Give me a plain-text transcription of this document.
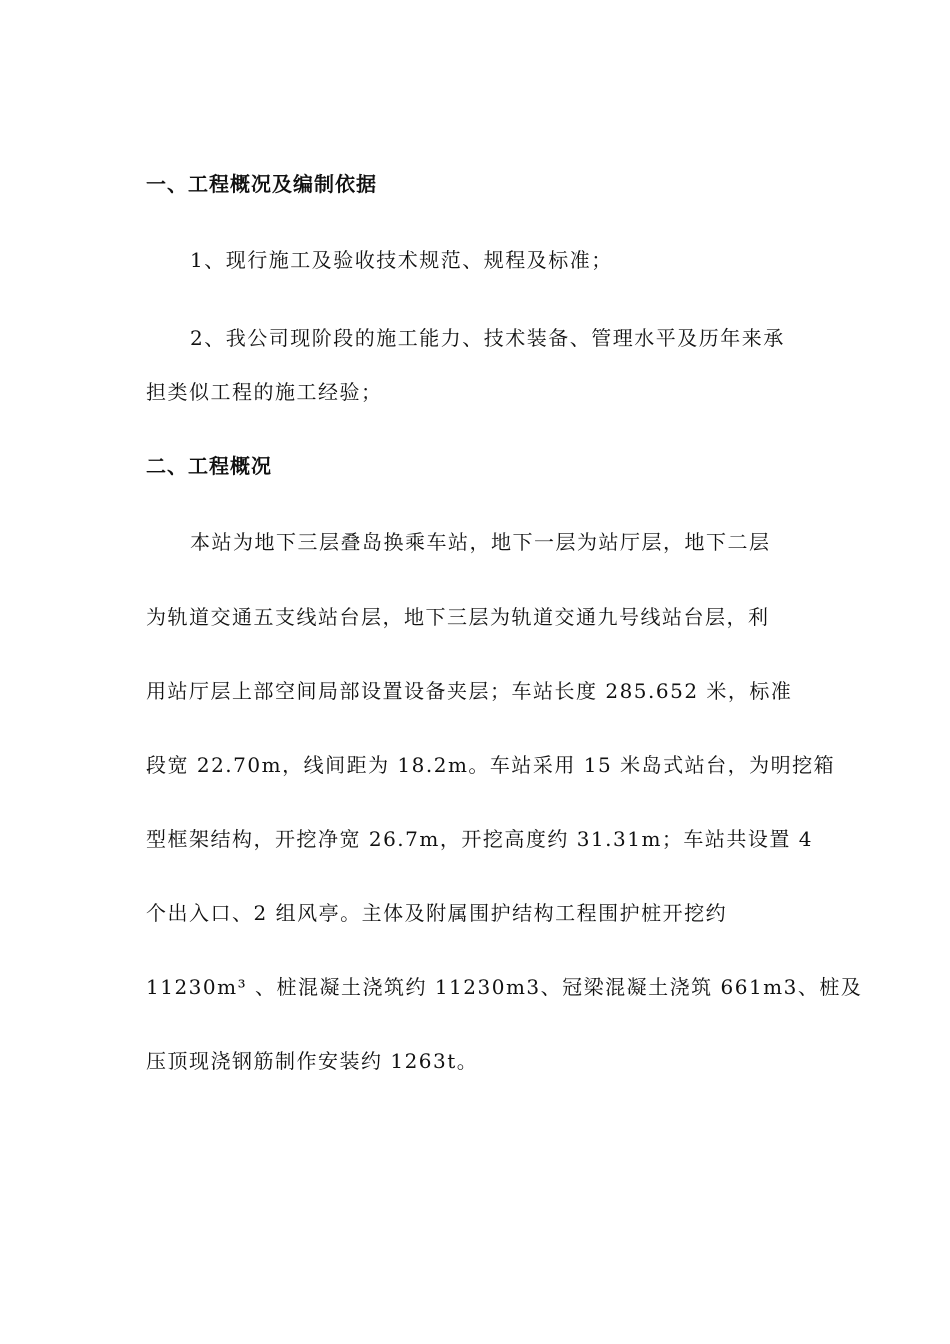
一、工程概况及编制依据
1、现行施工及验收技术规范、规程及标准；
2、我公司现阶段的施工能力、技术装备、管理水平及历年来承
担类似工程的施工经验；
二、工程概况
本站为地下三层叠岛换乘车站，地下一层为站厅层，地下二层
为轨道交通五支线站台层，地下三层为轨道交通九号线站台层，利
用站厅层上部空间局部设置设备夹层；车站长度 285.652 米，标准
段宽 22.70m，线间距为 18.2m。车站采用 15 米岛式站台，为明挖箱
型框架结构，开挖净宽 26.7m，开挖高度约 31.31m；车站共设置 4
个出入口、2 组风亭。主体及附属围护结构工程围护桩开挖约
11230m³ 、桩混凝土浇筑约 11230m3、冠梁混凝土浇筑 661m3、桩及
压顶现浇钢筋制作安装约 1263t。
